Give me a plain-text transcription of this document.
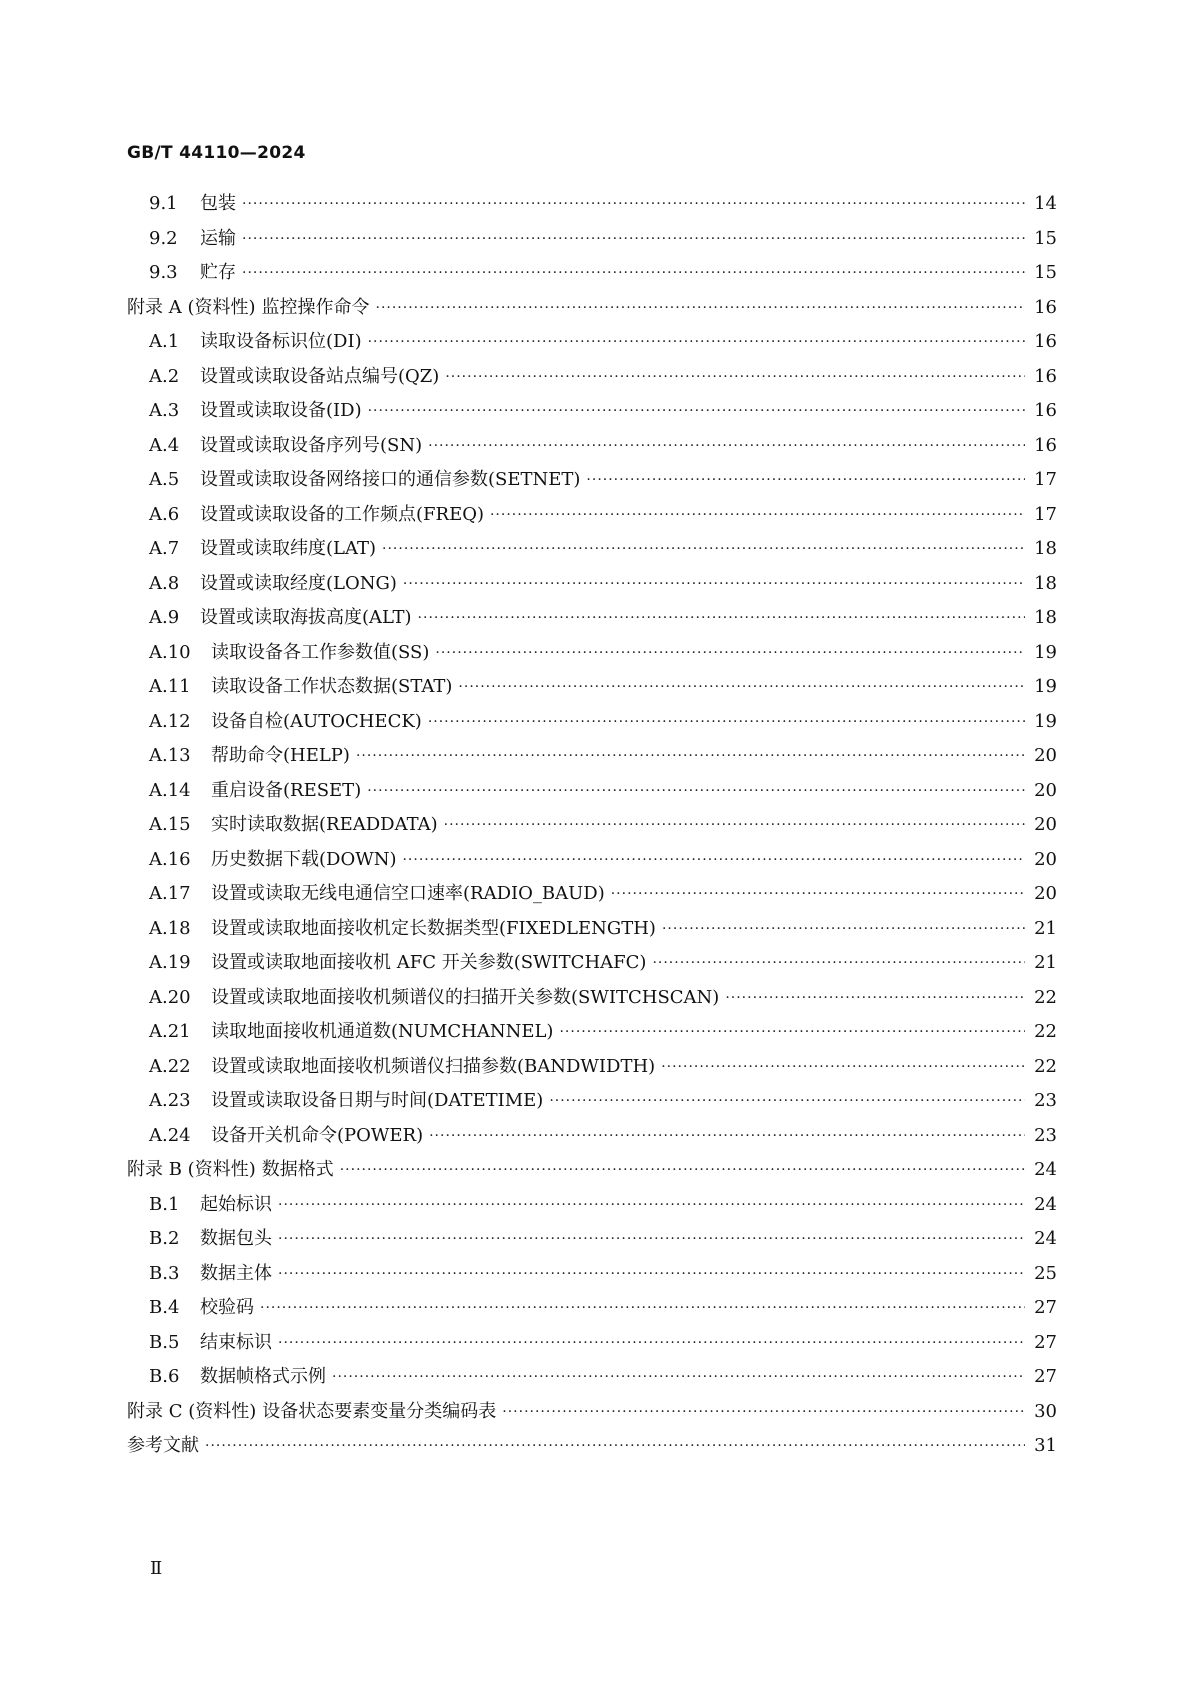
GB/T 44110—2024
9.1	包装 ·····	14
9.2	运输 ·····	15
9.3	贮存 ·····	15
附录 A (资料性) 监控操作命令 ·····	16
A.1	读取设备标识位(DI) ·····	16
A.2	设置或读取设备站点编号(QZ) ·····	16
A.3	设置或读取设备(ID) ·····	16
A.4	设置或读取设备序列号(SN) ·····	16
A.5	设置或读取设备网络接口的通信参数(SETNET) ·····	17
A.6	设置或读取设备的工作频点(FREQ) ·····	17
A.7	设置或读取纬度(LAT) ·····	18
A.8	设置或读取经度(LONG) ·····	18
A.9	设置或读取海拔高度(ALT) ·····	18
A.10	读取设备各工作参数值(SS) ·····	19
A.11	读取设备工作状态数据(STAT) ·····	19
A.12	设备自检(AUTOCHECK) ·····	19
A.13	帮助命令(HELP) ·····	20
A.14	重启设备(RESET) ·····	20
A.15	实时读取数据(READDATA) ·····	20
A.16	历史数据下载(DOWN) ·····	20
A.17	设置或读取无线电通信空口速率(RADIO_BAUD) ·····	20
A.18	设置或读取地面接收机定长数据类型(FIXEDLENGTH) ·····	21
A.19	设置或读取地面接收机 AFC 开关参数(SWITCHAFC) ·····	21
A.20	设置或读取地面接收机频谱仪的扫描开关参数(SWITCHSCAN) ·····	22
A.21	读取地面接收机通道数(NUMCHANNEL) ·····	22
A.22	设置或读取地面接收机频谱仪扫描参数(BANDWIDTH) ·····	22
A.23	设置或读取设备日期与时间(DATETIME) ·····	23
A.24	设备开关机命令(POWER) ·····	23
附录 B (资料性) 数据格式 ·····	24
B.1	起始标识 ·····	24
B.2	数据包头 ·····	24
B.3	数据主体 ·····	25
B.4	校验码 ·····	27
B.5	结束标识 ·····	27
B.6	数据帧格式示例 ·····	27
附录 C (资料性) 设备状态要素变量分类编码表 ·····	30
参考文献 ·····	31
Ⅱ
